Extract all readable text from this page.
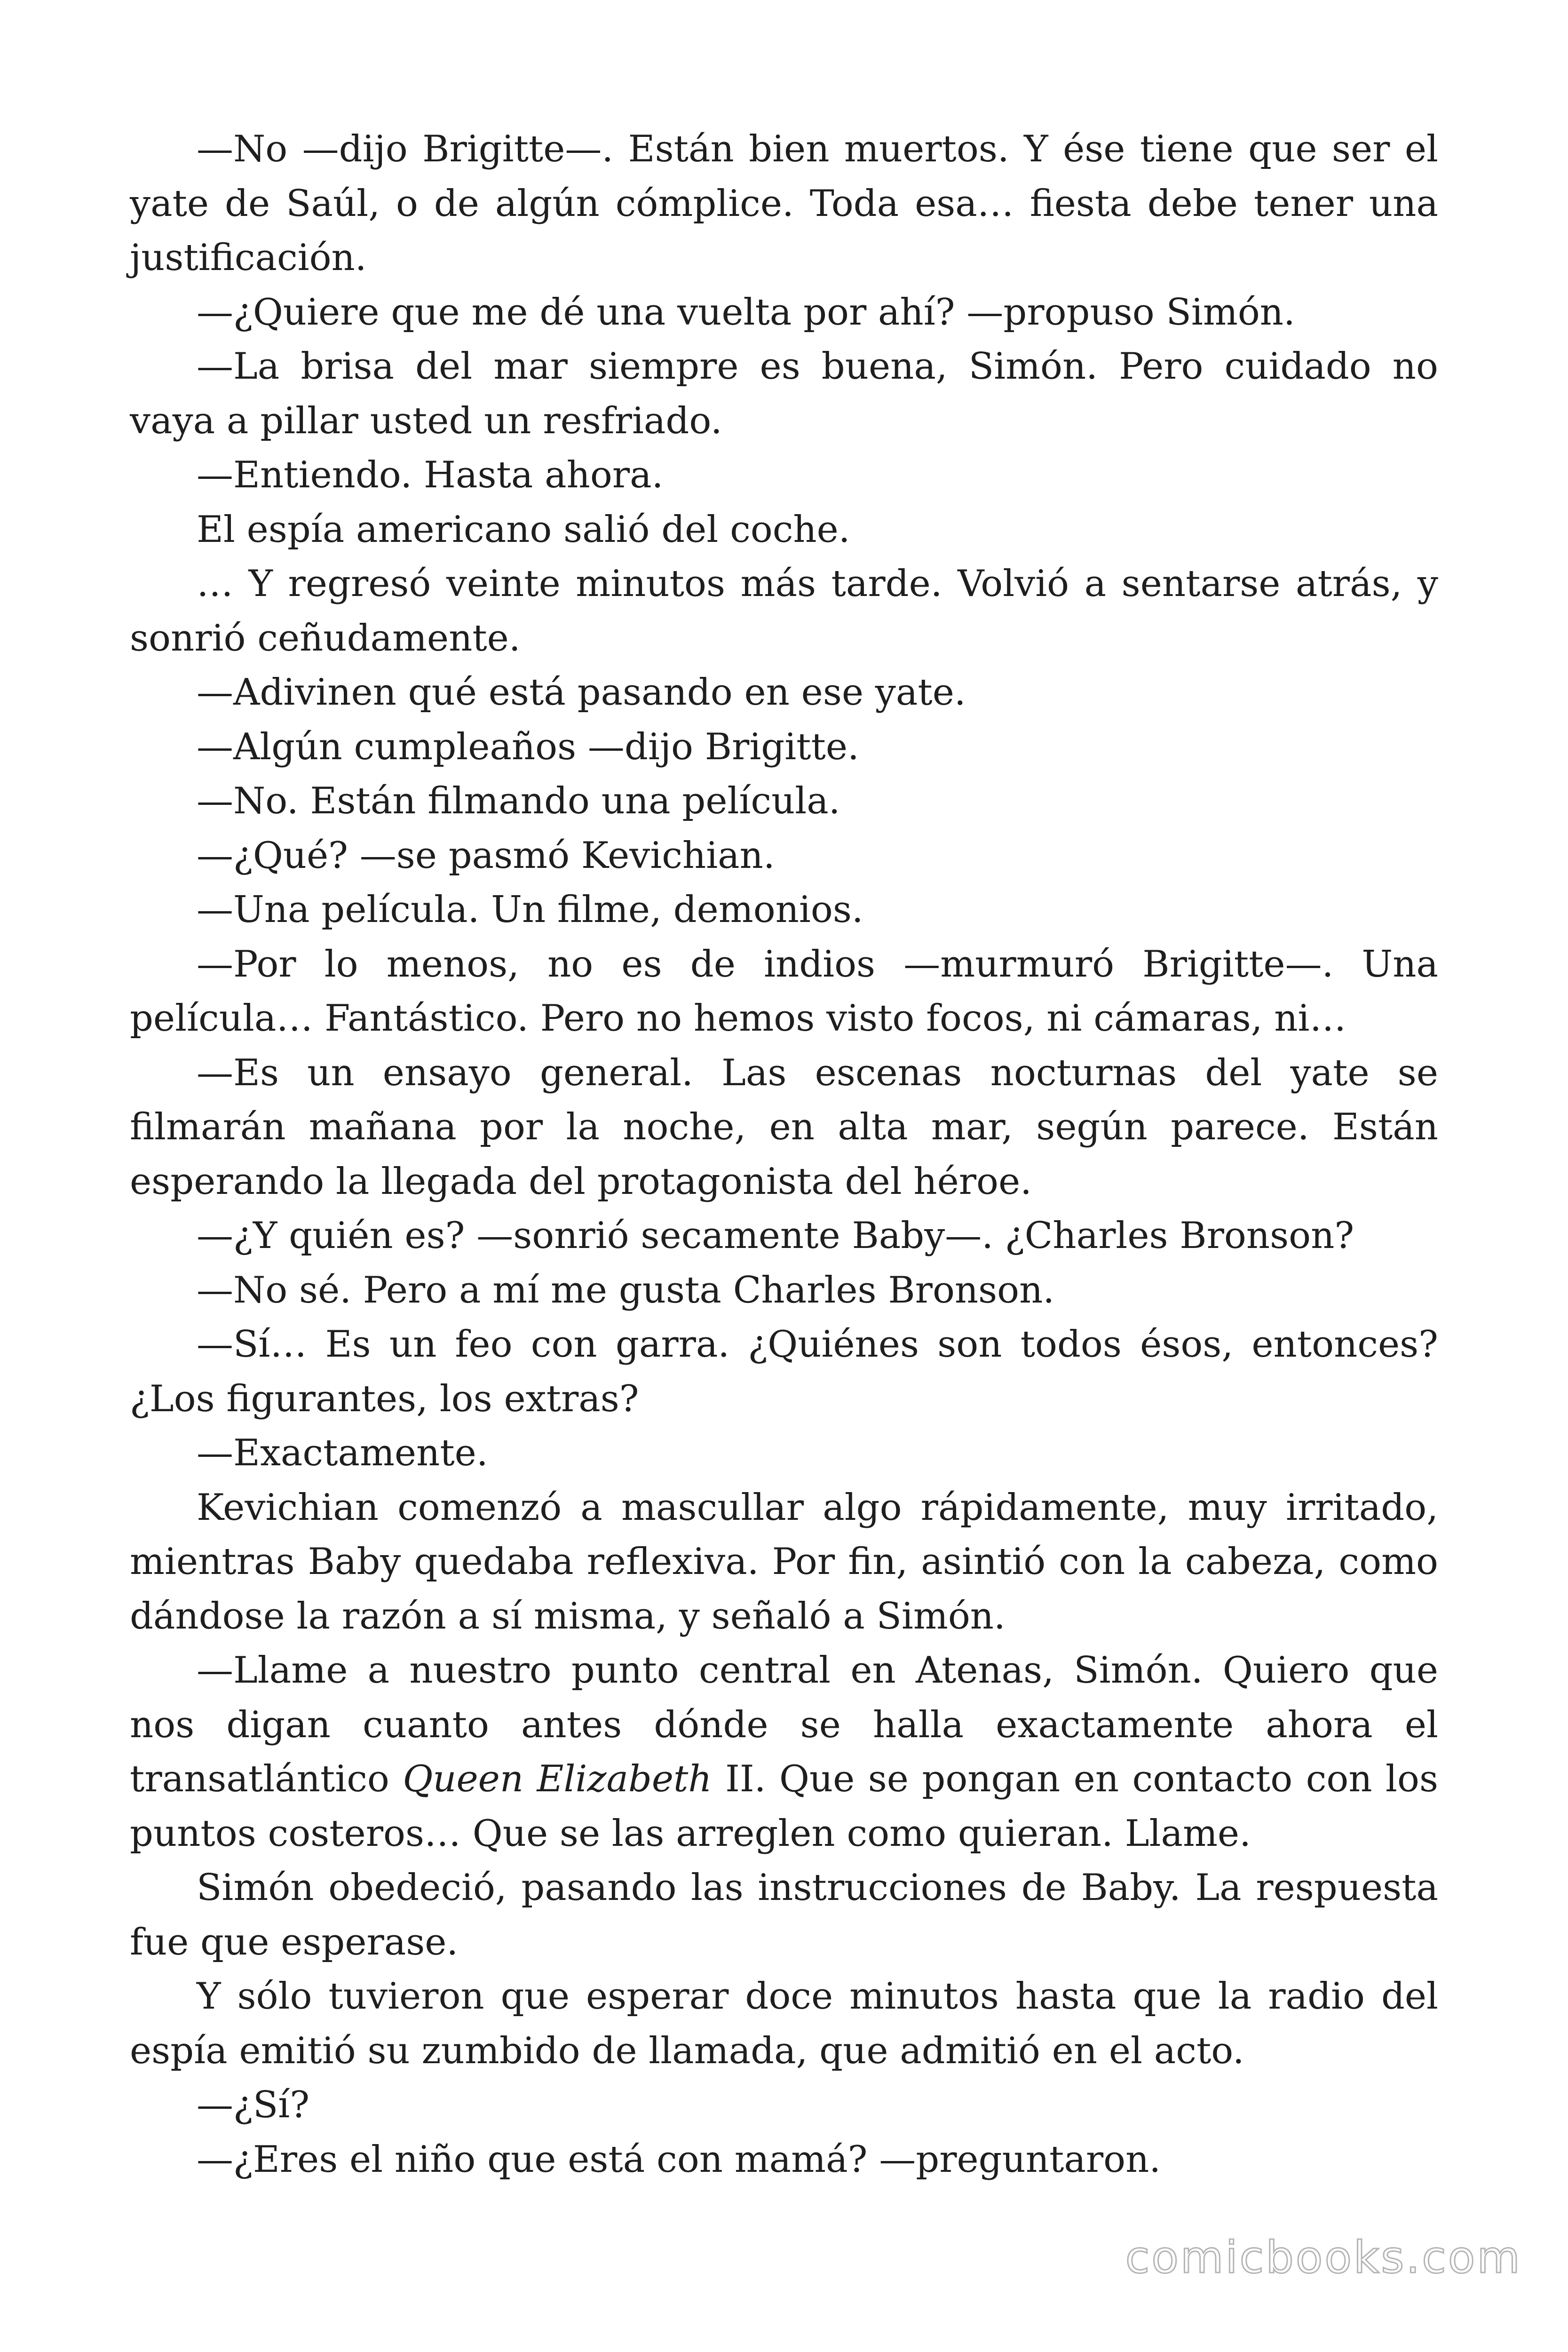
—No —dijo Brigitte—. Están bien muertos. Y ése tiene que ser el yate de Saúl, o de algún cómplice. Toda esa… fiesta debe tener una justificación.

—¿Quiere que me dé una vuelta por ahí? —propuso Simón.

—La brisa del mar siempre es buena, Simón. Pero cuidado no vaya a pillar usted un resfriado.

—Entiendo. Hasta ahora.

El espía americano salió del coche.

… Y regresó veinte minutos más tarde. Volvió a sentarse atrás, y sonrió ceñudamente.

—Adivinen qué está pasando en ese yate.

—Algún cumpleaños —dijo Brigitte.

—No. Están filmando una película.

—¿Qué? —se pasmó Kevichian.

—Una película. Un filme, demonios.

—Por lo menos, no es de indios —murmuró Brigitte—. Una película… Fantástico. Pero no hemos visto focos, ni cámaras, ni…

—Es un ensayo general. Las escenas nocturnas del yate se filmarán mañana por la noche, en alta mar, según parece. Están esperando la llegada del protagonista del héroe.

—¿Y quién es? —sonrió secamente Baby—. ¿Charles Bronson?

—No sé. Pero a mí me gusta Charles Bronson.

—Sí… Es un feo con garra. ¿Quiénes son todos ésos, entonces? ¿Los figurantes, los extras?

—Exactamente.

Kevichian comenzó a mascullar algo rápidamente, muy irritado, mientras Baby quedaba reflexiva. Por fin, asintió con la cabeza, como dándose la razón a sí misma, y señaló a Simón.

—Llame a nuestro punto central en Atenas, Simón. Quiero que nos digan cuanto antes dónde se halla exactamente ahora el transatlántico Queen Elizabeth II. Que se pongan en contacto con los puntos costeros… Que se las arreglen como quieran. Llame.

Simón obedeció, pasando las instrucciones de Baby. La respuesta fue que esperase.

Y sólo tuvieron que esperar doce minutos hasta que la radio del espía emitió su zumbido de llamada, que admitió en el acto.

—¿Sí?

—¿Eres el niño que está con mamá? —preguntaron.

comicbooks.com
